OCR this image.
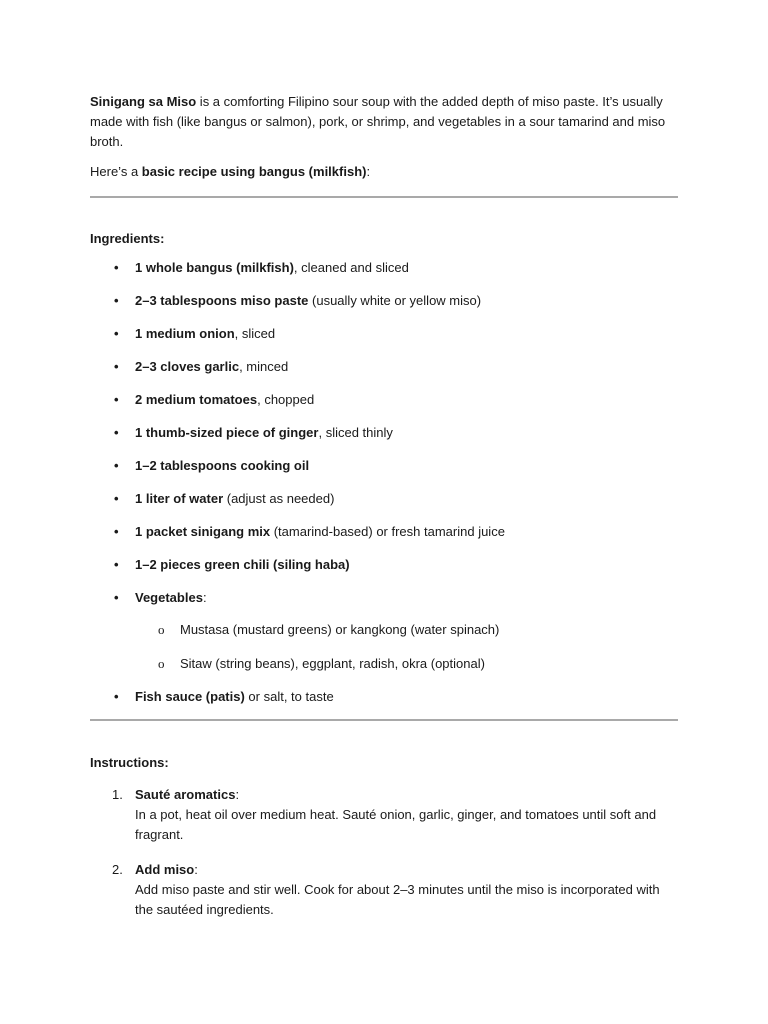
Sinigang sa Miso is a comforting Filipino sour soup with the added depth of miso paste. It’s usually made with fish (like bangus or salmon), pork, or shrimp, and vegetables in a sour tamarind and miso broth.

Here’s a basic recipe using bangus (milkfish):

Ingredients:

• 1 whole bangus (milkfish), cleaned and sliced
• 2–3 tablespoons miso paste (usually white or yellow miso)
• 1 medium onion, sliced
• 2–3 cloves garlic, minced
• 2 medium tomatoes, chopped
• 1 thumb-sized piece of ginger, sliced thinly
• 1–2 tablespoons cooking oil
• 1 liter of water (adjust as needed)
• 1 packet sinigang mix (tamarind-based) or fresh tamarind juice
• 1–2 pieces green chili (siling haba)
• Vegetables:
o Mustasa (mustard greens) or kangkong (water spinach)
o Sitaw (string beans), eggplant, radish, okra (optional)
• Fish sauce (patis) or salt, to taste

Instructions:

1. Sauté aromatics:
In a pot, heat oil over medium heat. Sauté onion, garlic, ginger, and tomatoes until soft and fragrant.
2. Add miso:
Add miso paste and stir well. Cook for about 2–3 minutes until the miso is incorporated with the sautéed ingredients.
